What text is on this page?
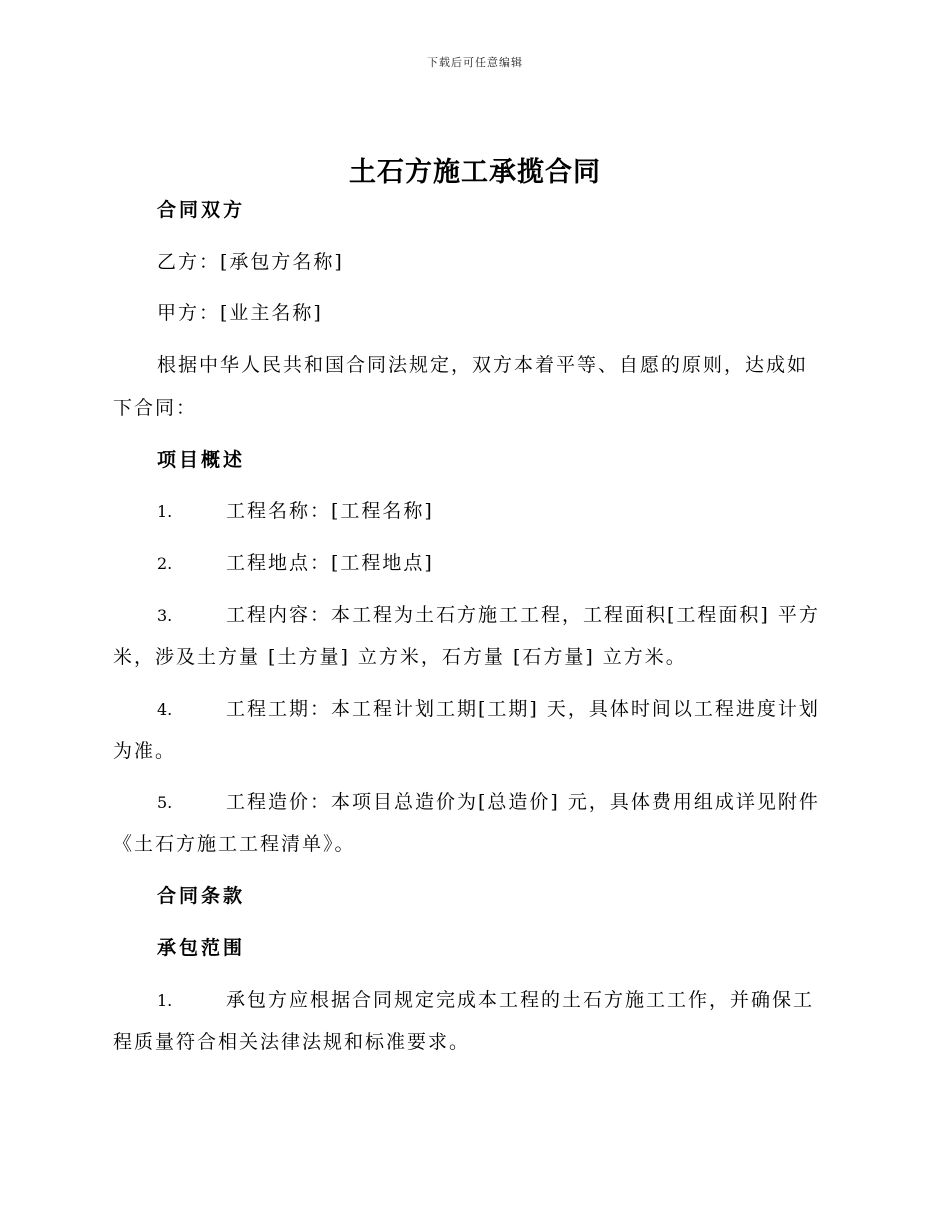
下载后可任意编辑
土石方施工承揽合同
合同双方
乙方：[承包方名称]
甲方：[业主名称]
根据中华人民共和国合同法规定，双方本着平等、自愿的原则，达成如
下合同：
项目概述
1.	工程名称：[工程名称]
2.	工程地点：[工程地点]
3.	工程内容：本工程为土石方施工工程，工程面积[工程面积] 平方
米，涉及土方量 [土方量] 立方米，石方量 [石方量] 立方米。
4.	工程工期：本工程计划工期[工期] 天，具体时间以工程进度计划
为准。
5.	工程造价：本项目总造价为[总造价] 元，具体费用组成详见附件
《土石方施工工程清单》。
合同条款
承包范围
1.	承包方应根据合同规定完成本工程的土石方施工工作，并确保工
程质量符合相关法律法规和标准要求。
